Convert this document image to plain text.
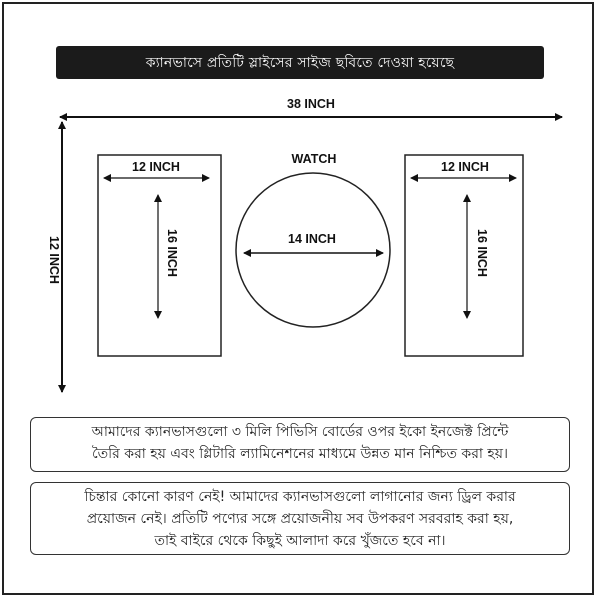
ক্যানভাসে প্রতিটি স্লাইসের সাইজ ছবিতে দেওয়া হয়েছে
38 INCH
12 INCH
12 INCH
16 INCH
WATCH
14 INCH
12 INCH
16 INCH
আমাদের ক্যানভাসগুলো ৩ মিলি পিভিসি বোর্ডের ওপর ইকো ইনজেক্ট প্রিন্টে
তৈরি করা হয় এবং গ্লিটারি ল্যামিনেশনের মাধ্যমে উন্নত মান নিশ্চিত করা হয়।
চিন্তার কোনো কারণ নেই! আমাদের ক্যানভাসগুলো লাগানোর জন্য ড্রিল করার
প্রয়োজন নেই। প্রতিটি পণ্যের সঙ্গে প্রয়োজনীয় সব উপকরণ সরবরাহ করা হয়,
তাই বাইরে থেকে কিছুই আলাদা করে খুঁজতে হবে না।
